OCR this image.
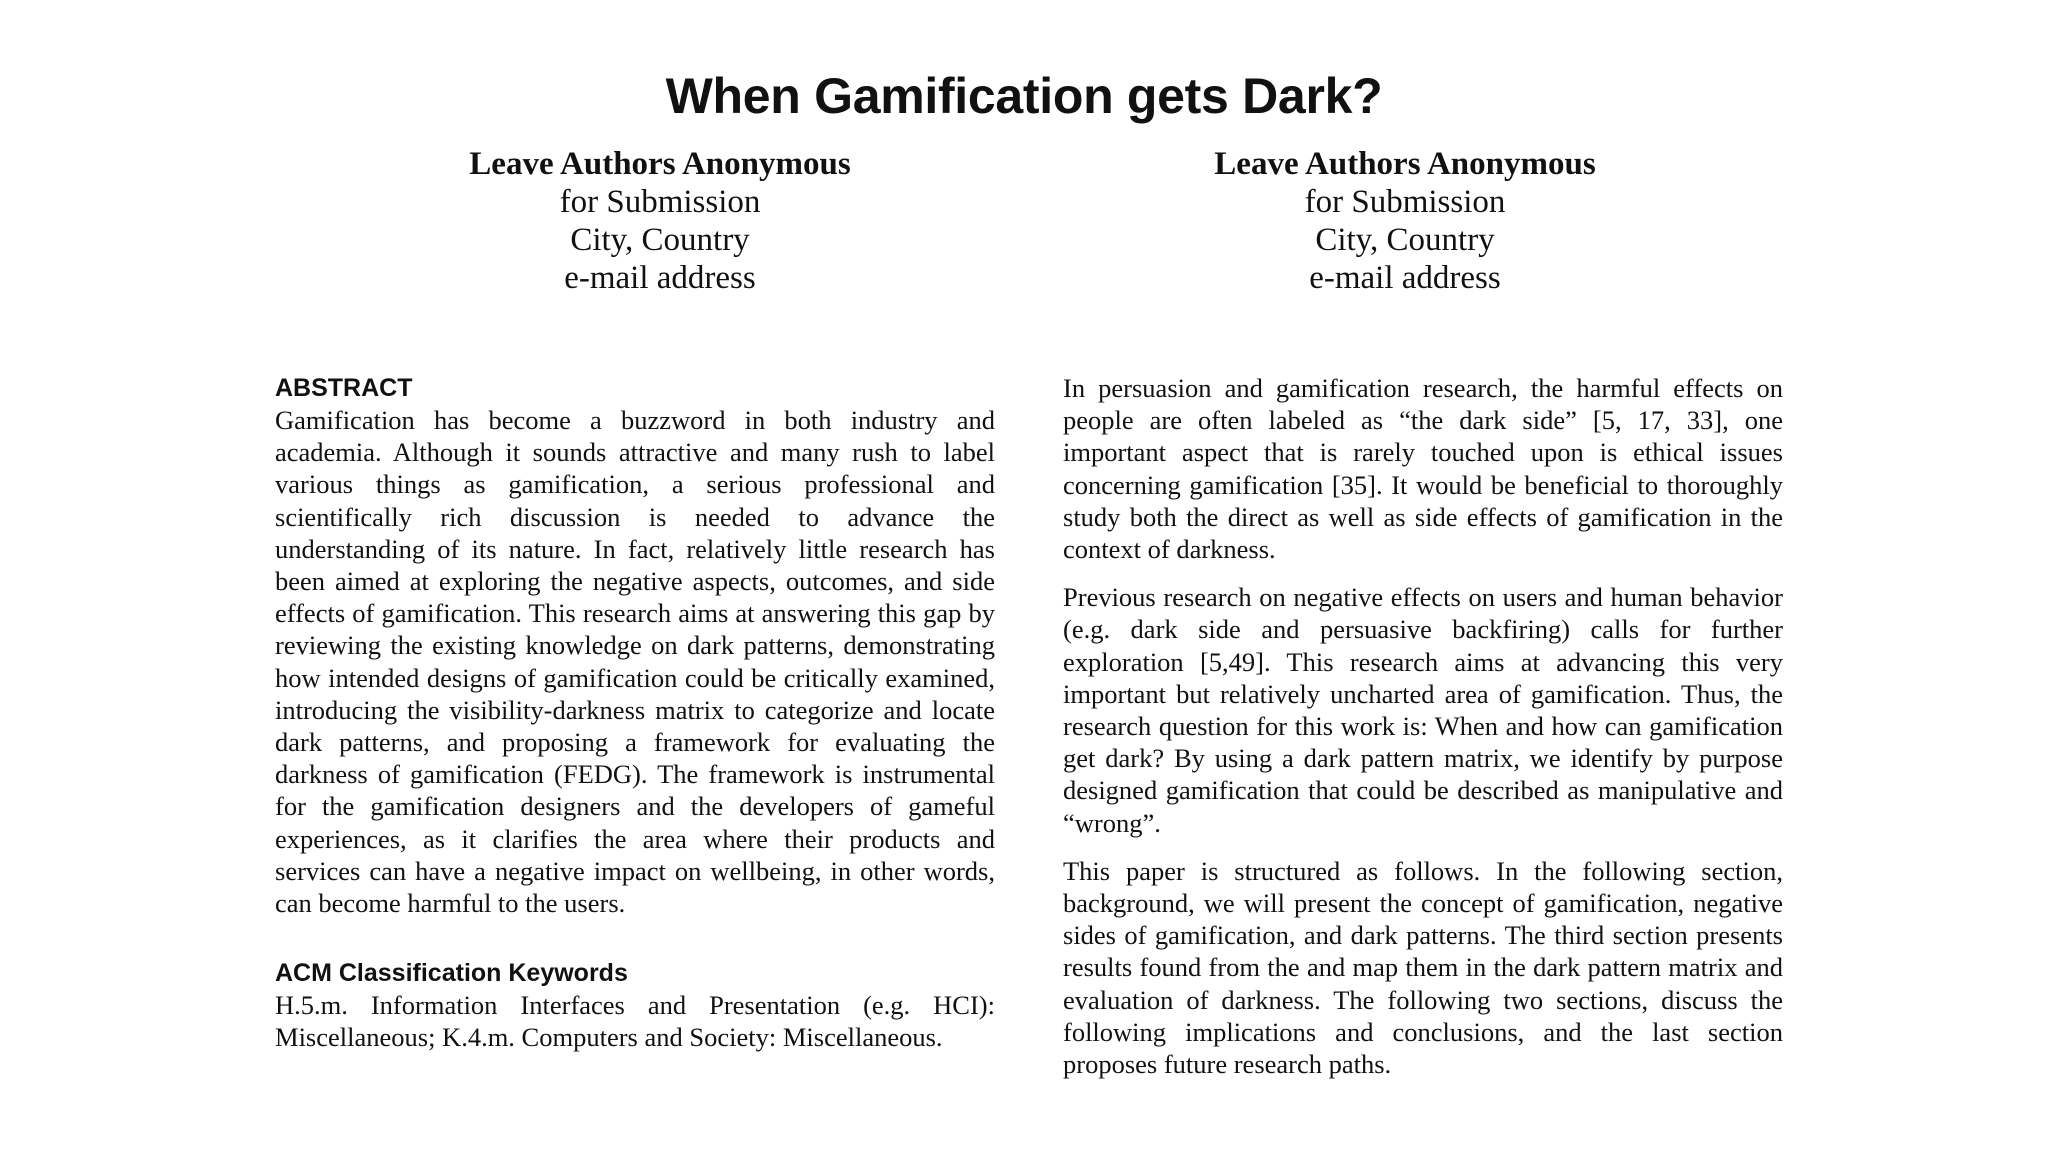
When Gamification gets Dark?
Leave Authors Anonymous
for Submission
City, Country
e-mail address
Leave Authors Anonymous
for Submission
City, Country
e-mail address
ABSTRACT

Gamification has become a buzzword in both industry and academia. Although it sounds attractive and many rush to label various things as gamification, a serious professional and scientifically rich discussion is needed to advance the understanding of its nature. In fact, relatively little research has been aimed at exploring the negative aspects, outcomes, and side effects of gamification. This research aims at answering this gap by reviewing the existing knowledge on dark patterns, demonstrating how intended designs of gamification could be critically examined, introducing the visibility-darkness matrix to categorize and locate dark patterns, and proposing a framework for evaluating the darkness of gamification (FEDG). The framework is instrumental for the gamification designers and the developers of gameful experiences, as it clarifies the area where their products and services can have a negative impact on wellbeing, in other words, can become harmful to the users.

ACM Classification Keywords

H.5.m. Information Interfaces and Presentation (e.g. HCI): Miscellaneous; K.4.m. Computers and Society: Miscellaneous.

In persuasion and gamification research, the harmful effects on people are often labeled as “the dark side” [5, 17, 33], one important aspect that is rarely touched upon is ethical issues concerning gamification [35]. It would be beneficial to thoroughly study both the direct as well as side effects of gamification in the context of darkness.

Previous research on negative effects on users and human behavior (e.g. dark side and persuasive backfiring) calls for further exploration [5,49]. This research aims at advancing this very important but relatively uncharted area of gamification. Thus, the research question for this work is: When and how can gamification get dark? By using a dark pattern matrix, we identify by purpose designed gamification that could be described as manipulative and “wrong”.

This paper is structured as follows. In the following section, background, we will present the concept of gamification, negative sides of gamification, and dark patterns. The third section presents results found from the and map them in the dark pattern matrix and evaluation of darkness. The following two sections, discuss the following implications and conclusions, and the last section proposes future research paths.
